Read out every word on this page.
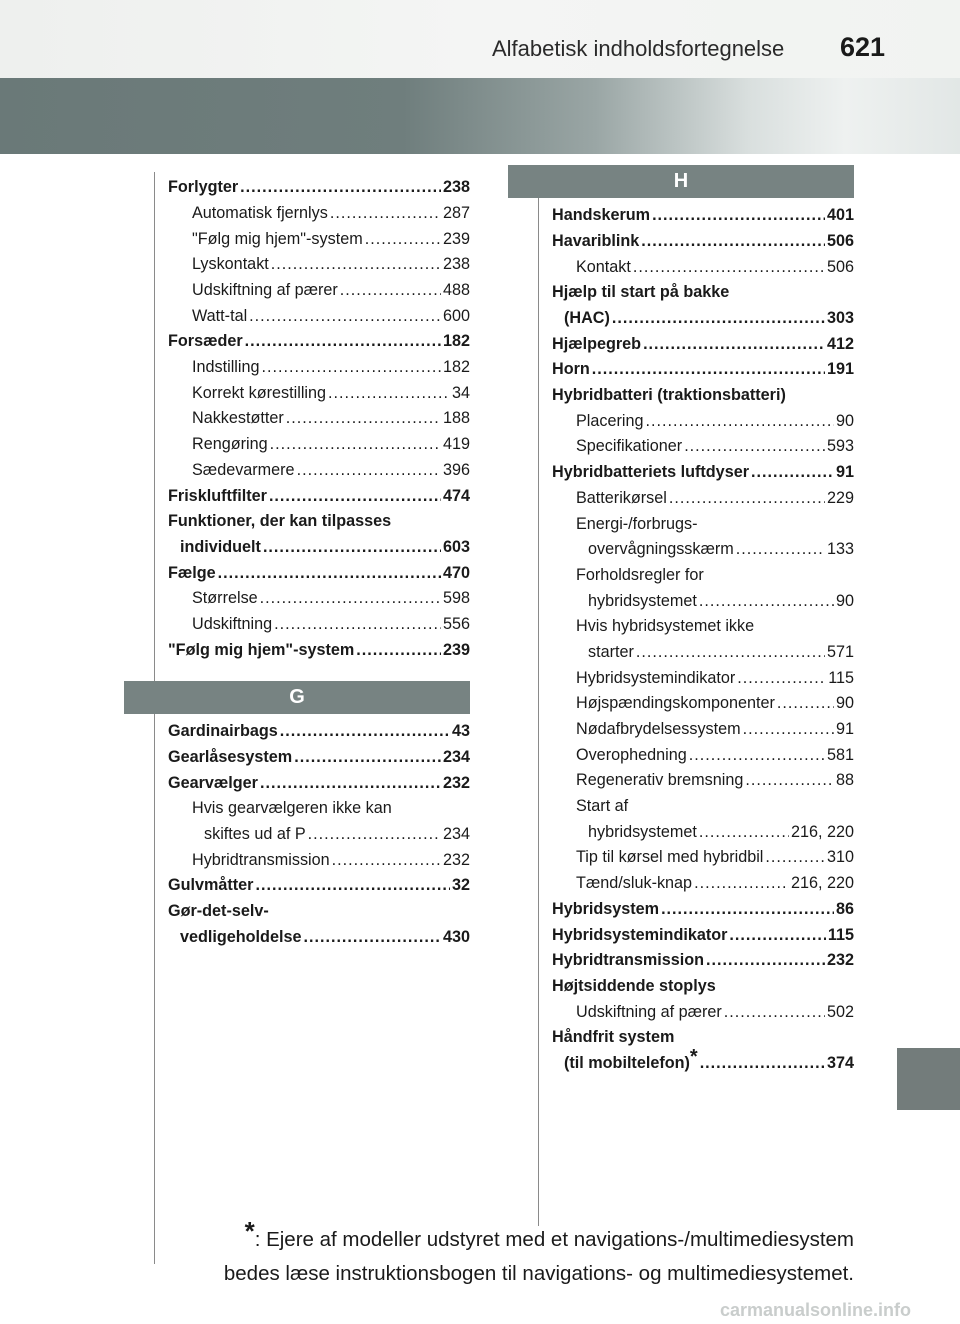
Alfabetisk indholdsfortegnelse 621
H
G
Forlygter .....	238
Automatisk fjernlys .....	287
"Følg mig hjem"-system .....	239
Lyskontakt .....	238
Udskiftning af pærer .....	488
Watt-tal .....	600
Forsæder .....	182
Indstilling .....	182
Korrekt kørestilling .....	34
Nakkestøtter .....	188
Rengøring .....	419
Sædevarmere .....	396
Friskluftfilter .....	474
Funktioner, der kan tilpasses
individuelt .....	603
Fælge .....	470
Størrelse .....	598
Udskiftning .....	556
"Følg mig hjem"-system .....	239
Gardinairbags .....	43
Gearlåsesystem .....	234
Gearvælger .....	232
Hvis gearvælgeren ikke kan
skiftes ud af P .....	234
Hybridtransmission .....	232
Gulvmåtter .....	32
Gør-det-selv-
vedligeholdelse .....	430
Handskerum .....	401
Havariblink .....	506
Kontakt .....	506
Hjælp til start på bakke
(HAC) .....	303
Hjælpegreb .....	412
Horn .....	191
Hybridbatteri (traktionsbatteri)
Placering .....	90
Specifikationer .....	593
Hybridbatteriets luftdyser .....	91
Batterikørsel .....	229
Energi-/forbrugs-
overvågningsskærm .....	133
Forholdsregler for
hybridsystemet .....	90
Hvis hybridsystemet ikke
starter .....	571
Hybridsystemindikator .....	115
Højspændingskomponenter .....	90
Nødafbrydelsessystem .....	91
Overophedning .....	581
Regenerativ bremsning .....	88
Start af
hybridsystemet .....	216, 220
Tip til kørsel med hybridbil .....	310
Tænd/sluk-knap .....	216, 220
Hybridsystem .....	86
Hybridsystemindikator .....	115
Hybridtransmission .....	232
Højtsiddende stoplys
Udskiftning af pærer .....	502
Håndfrit system
(til mobiltelefon) * .....	374
*: Ejere af modeller udstyret med et navigations-/multimediesystem
bedes læse instruktionsbogen til navigations- og multimediesystemet.
carmanualsonline.info
